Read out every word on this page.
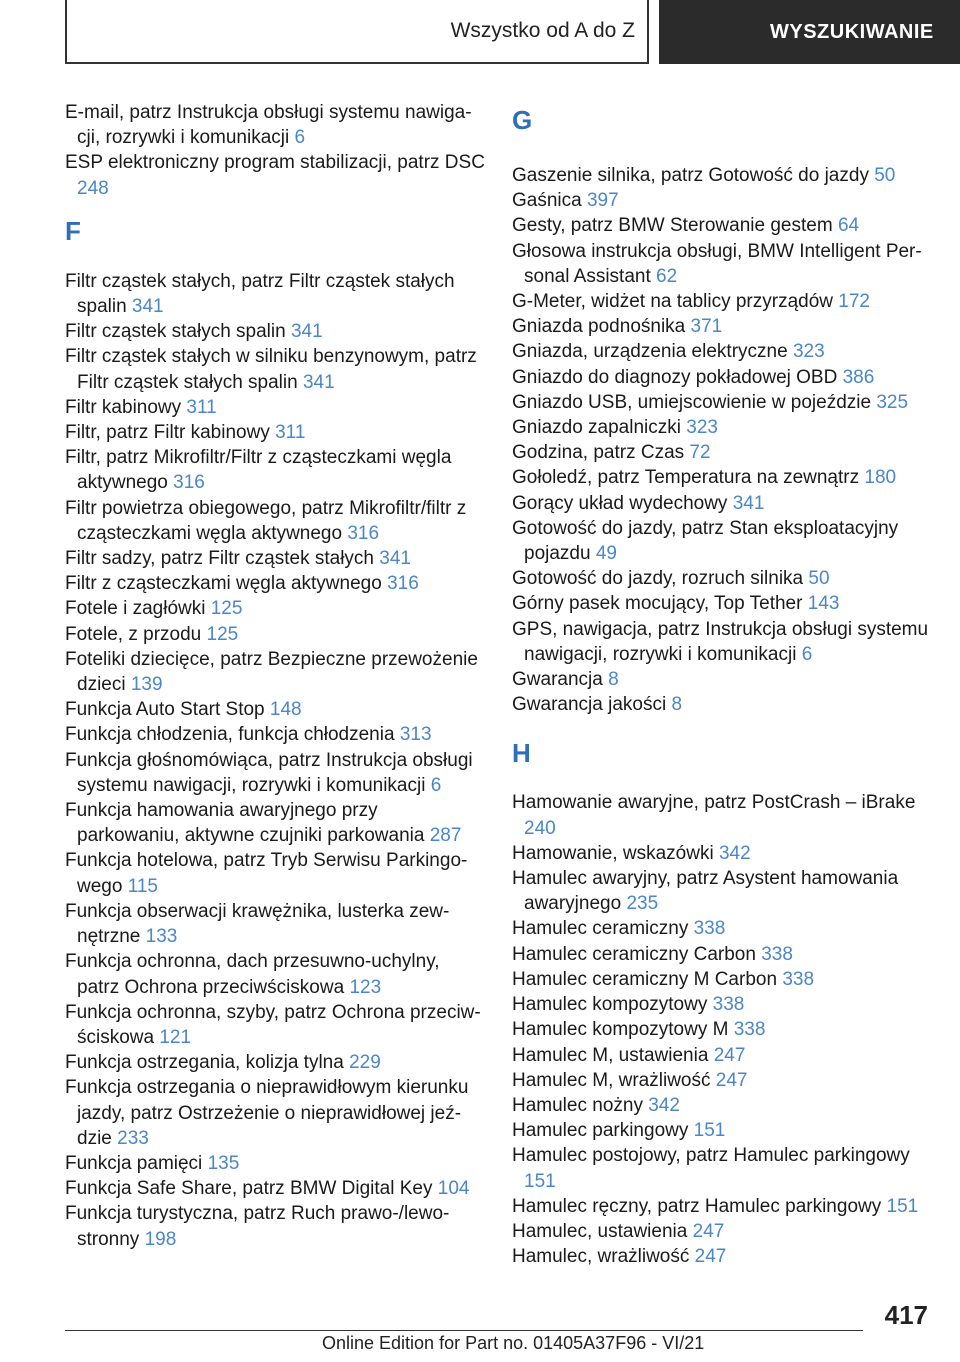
Wszystko od A do Z	WYSZUKIWANIE
E-mail, patrz Instrukcja obsługi systemu nawigacji, rozrywki i komunikacji 6
ESP elektroniczny program stabilizacji, patrz DSC 248
F
Filtr cząstek stałych, patrz Filtr cząstek stałych spalin 341
Filtr cząstek stałych spalin 341
Filtr cząstek stałych w silniku benzynowym, patrz Filtr cząstek stałych spalin 341
Filtr kabinowy 311
Filtr, patrz Filtr kabinowy 311
Filtr, patrz Mikrofiltr/Filtr z cząsteczkami węgla aktywnego 316
Filtr powietrza obiegowego, patrz Mikrofiltr/filtr z cząsteczkami węgla aktywnego 316
Filtr sadzy, patrz Filtr cząstek stałych 341
Filtr z cząsteczkami węgla aktywnego 316
Fotele i zagłówki 125
Fotele, z przodu 125
Foteliki dziecięce, patrz Bezpieczne przewożenie dzieci 139
Funkcja Auto Start Stop 148
Funkcja chłodzenia, funkcja chłodzenia 313
Funkcja głośnomówiąca, patrz Instrukcja obsługi systemu nawigacji, rozrywki i komunikacji 6
Funkcja hamowania awaryjnego przy parkowaniu, aktywne czujniki parkowania 287
Funkcja hotelowa, patrz Tryb Serwisu Parkingowego 115
Funkcja obserwacji krawężnika, lusterka zewnętrzne 133
Funkcja ochronna, dach przesuwno-uchylny, patrz Ochrona przeciwściskowa 123
Funkcja ochronna, szyby, patrz Ochrona przeciwściskowa 121
Funkcja ostrzegania, kolizja tylna 229
Funkcja ostrzegania o nieprawidłowym kierunku jazdy, patrz Ostrzeżenie o nieprawidłowej jeździe 233
Funkcja pamięci 135
Funkcja Safe Share, patrz BMW Digital Key 104
Funkcja turystyczna, patrz Ruch prawo-/lewostronny 198
G
Gaszenie silnika, patrz Gotowość do jazdy 50
Gaśnica 397
Gesty, patrz BMW Sterowanie gestem 64
Głosowa instrukcja obsługi, BMW Intelligent Personal Assistant 62
G-Meter, widżet na tablicy przyrządów 172
Gniazda podnośnika 371
Gniazda, urządzenia elektryczne 323
Gniazdo do diagnozy pokładowej OBD 386
Gniazdo USB, umiejscowienie w pojeździe 325
Gniazdo zapalniczki 323
Godzina, patrz Czas 72
Gołoledź, patrz Temperatura na zewnątrz 180
Gorący układ wydechowy 341
Gotowość do jazdy, patrz Stan eksploatacyjny pojazdu 49
Gotowość do jazdy, rozruch silnika 50
Górny pasek mocujący, Top Tether 143
GPS, nawigacja, patrz Instrukcja obsługi systemu nawigacji, rozrywki i komunikacji 6
Gwarancja 8
Gwarancja jakości 8
H
Hamowanie awaryjne, patrz PostCrash – iBrake 240
Hamowanie, wskazówki 342
Hamulec awaryjny, patrz Asystent hamowania awaryjnego 235
Hamulec ceramiczny 338
Hamulec ceramiczny Carbon 338
Hamulec ceramiczny M Carbon 338
Hamulec kompozytowy 338
Hamulec kompozytowy M 338
Hamulec M, ustawienia 247
Hamulec M, wrażliwość 247
Hamulec nożny 342
Hamulec parkingowy 151
Hamulec postojowy, patrz Hamulec parkingowy 151
Hamulec ręczny, patrz Hamulec parkingowy 151
Hamulec, ustawienia 247
Hamulec, wrażliwość 247
417
Online Edition for Part no. 01405A37F96 - VI/21
